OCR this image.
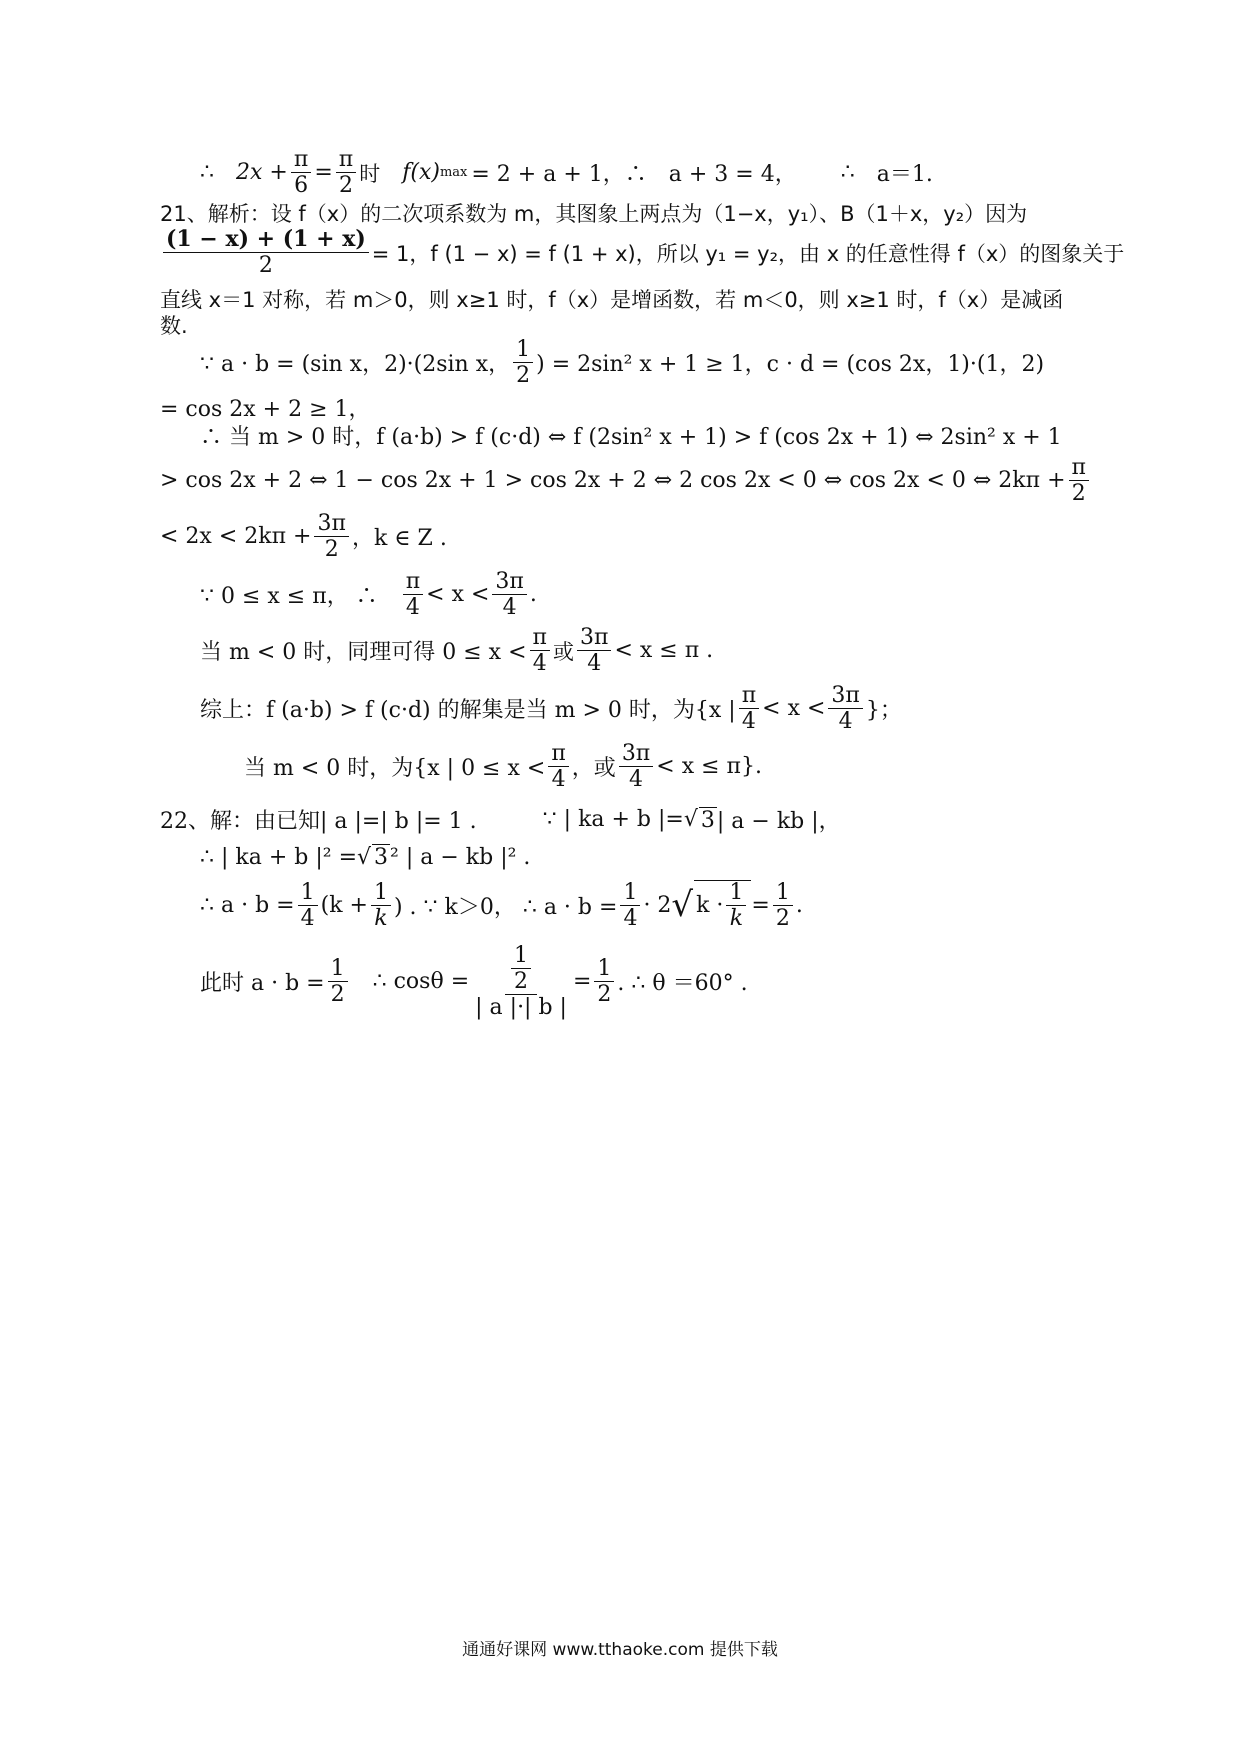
∴ $2x + \frac{\pi}{6} = \frac{\pi}{2}$ 时 f(x) max = 2 + a + 1，∴ a + 3 = 4， ∴ a＝1.
21、解析：设 f（x）的二次项系数为 m，其图象上两点为（1−x，y₁）、B（1＋x，y₂）因为
$\frac{(1 - x) + (1 + x)}{2} = 1$，f (1 − x) = f (1 + x)，所以 y₁ = y₂，由 x 的任意性得 f（x）的图象关于
直线 x＝1 对称，若 m＞0，则 x≥1 时，f（x）是增函数，若 m＜0，则 x≥1 时，f（x）是减函
数.
∵ a · b = (sin x，2)·(2sin x， $\frac{1}{2}$ ) = 2sin² x + 1 ≥ 1，c · d = (cos 2x，1)·(1，2)
= cos 2x + 2 ≥ 1，
∴ 当 m > 0 时，f (a·b) > f (c·d) ⇔ f (2sin² x + 1) > f (cos 2x + 1) ⇔ 2sin² x + 1
> cos 2x + 2 ⇔ 1 − cos 2x + 1 > cos 2x + 2 ⇔ 2 cos 2x < 0 ⇔ cos 2x < 0 ⇔ $2k\pi + \frac{\pi}{2}$
< $2x < 2k\pi + \frac{3\pi}{2}$ ，k ∈ Z .
∵ 0 ≤ x ≤ π， ∴ $\frac{\pi}{4} < x < \frac{3\pi}{4}$ .
当 m < 0 时，同理可得 $0 \le x < \frac{\pi}{4}$ 或 $\frac{3\pi}{4} < x \le \pi$ .
综上：f (a·b) > f (c·d) 的解集是当 m > 0 时，为{x | $\frac{\pi}{4} < x < \frac{3\pi}{4}$ }；
当 m < 0 时，为{x | $0 \le x < \frac{\pi}{4}$ ，或 $\frac{3\pi}{4} < x \le \pi$}.
22、解：由已知| a |=| b |= 1 .	∵ | ka + b |= √ 3 | a − kb |，
∴ | ka + b |² = √ 3 ² | a − kb |² .
∴ $a \cdot b = \frac{1}{4} (k + \frac{1}{k}$ ) . ∵ k＞0， ∴ $a \cdot b = \frac{1}{4} \cdot 2$ √ $k \cdot \frac{1}{k} = \frac{1}{2}$ .
此时 $a \cdot b = \frac{1}{2}$ ∴ $\cos\theta = \frac{\frac{1}{2}}{| a |\cdot| b |} = \frac{1}{2}$ . ∴ θ ＝60° .
通通好课网 www.tthaoke.com 提供下载
